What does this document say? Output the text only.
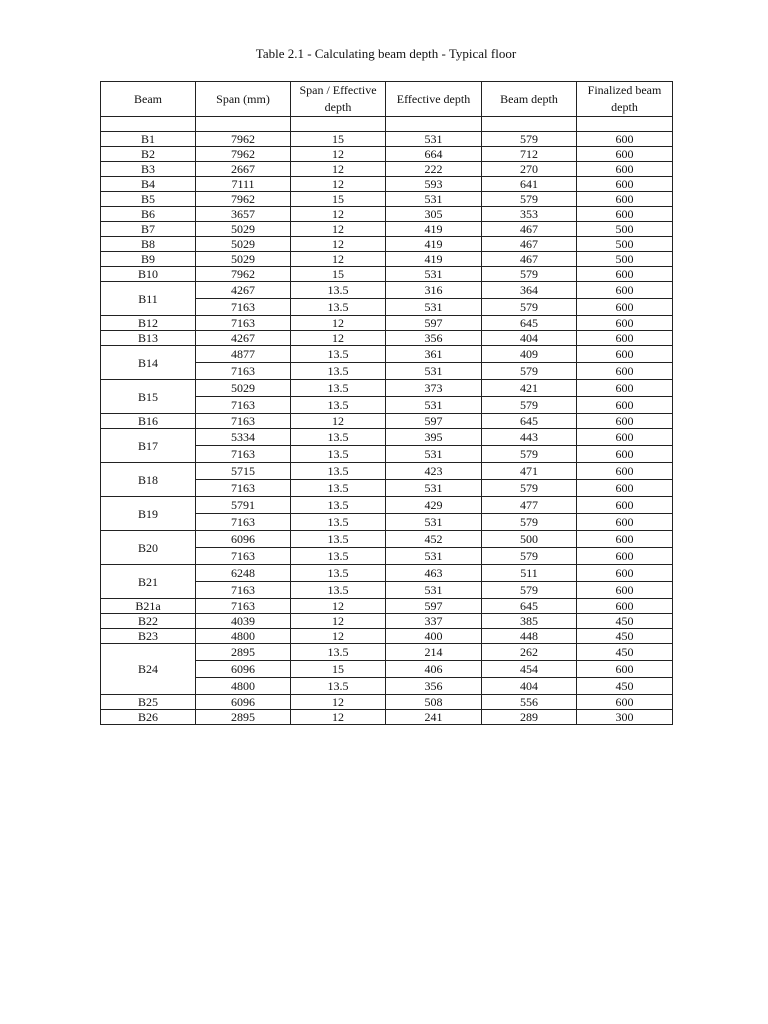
Table 2.1 - Calculating beam depth - Typical floor
Beam	Span (mm)	Span / Effective depth	Effective depth	Beam depth	Finalized beam depth

B1	7962	15	531	579	600
B2	7962	12	664	712	600
B3	2667	12	222	270	600
B4	7111	12	593	641	600
B5	7962	15	531	579	600
B6	3657	12	305	353	600
B7	5029	12	419	467	500
B8	5029	12	419	467	500
B9	5029	12	419	467	500
B10	7962	15	531	579	600
B11	4267	13.5	316	364	600
	7163	13.5	531	579	600
B12	7163	12	597	645	600
B13	4267	12	356	404	600
B14	4877	13.5	361	409	600
	7163	13.5	531	579	600
B15	5029	13.5	373	421	600
	7163	13.5	531	579	600
B16	7163	12	597	645	600
B17	5334	13.5	395	443	600
	7163	13.5	531	579	600
B18	5715	13.5	423	471	600
	7163	13.5	531	579	600
B19	5791	13.5	429	477	600
	7163	13.5	531	579	600
B20	6096	13.5	452	500	600
	7163	13.5	531	579	600
B21	6248	13.5	463	511	600
	7163	13.5	531	579	600
B21a	7163	12	597	645	600
B22	4039	12	337	385	450
B23	4800	12	400	448	450
B24	2895	13.5	214	262	450
	6096	15	406	454	600
	4800	13.5	356	404	450
B25	6096	12	508	556	600
B26	2895	12	241	289	300
